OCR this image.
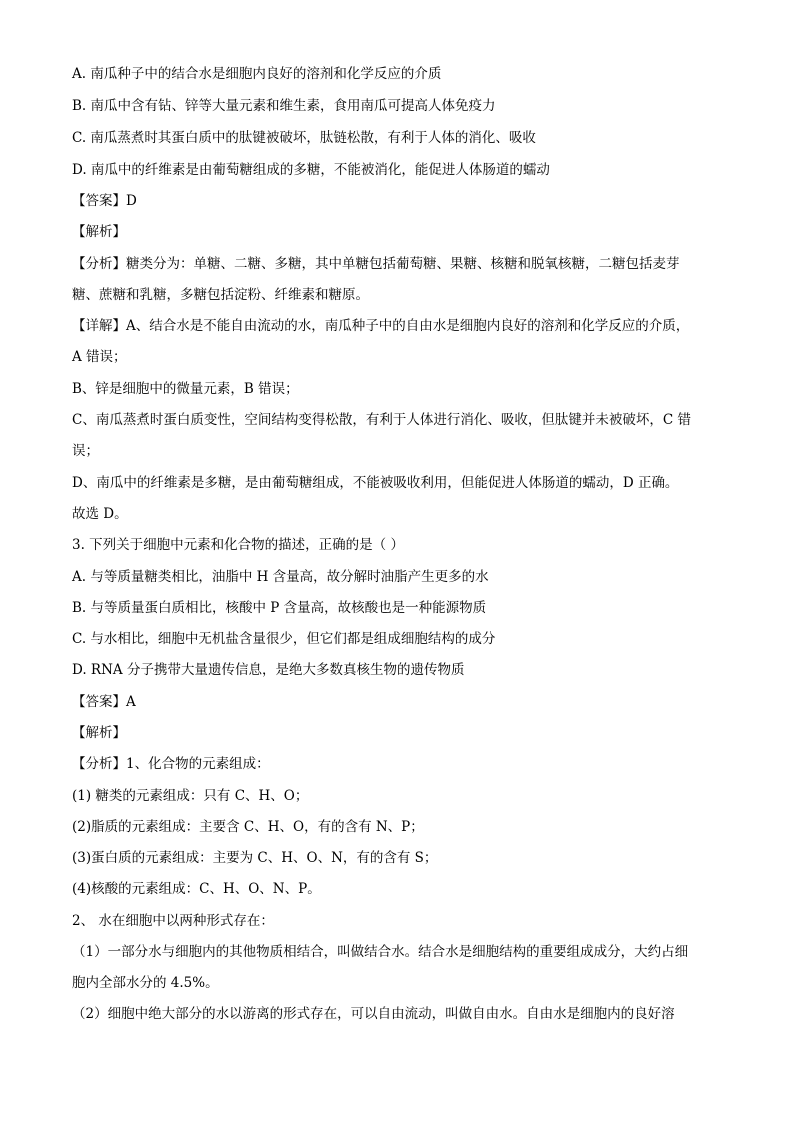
A. 南瓜种子中的结合水是细胞内良好的溶剂和化学反应的介质
B. 南瓜中含有钻、锌等大量元素和维生素，食用南瓜可提高人体免疫力
C. 南瓜蒸煮时其蛋白质中的肽键被破坏，肽链松散，有利于人体的消化、吸收
D. 南瓜中的纤维素是由葡萄糖组成的多糖，不能被消化，能促进人体肠道的蠕动
【答案】D
【解析】
【分析】糖类分为：单糖、二糖、多糖，其中单糖包括葡萄糖、果糖、核糖和脱氧核糖，二糖包括麦芽
糖、蔗糖和乳糖，多糖包括淀粉、纤维素和糖原。
【详解】A、结合水是不能自由流动的水，南瓜种子中的自由水是细胞内良好的溶剂和化学反应的介质，
A 错误；
B、锌是细胞中的微量元素，B 错误；
C、南瓜蒸煮时蛋白质变性，空间结构变得松散，有利于人体进行消化、吸收，但肽键并未被破坏，C 错
误；
D、南瓜中的纤维素是多糖，是由葡萄糖组成，不能被吸收利用，但能促进人体肠道的蠕动，D 正确。
故选 D。
3. 下列关于细胞中元素和化合物的描述，正确的是（ ）
A. 与等质量糖类相比，油脂中 H 含量高，故分解时油脂产生更多的水
B. 与等质量蛋白质相比，核酸中 P 含量高，故核酸也是一种能源物质
C. 与水相比，细胞中无机盐含量很少，但它们都是组成细胞结构的成分
D. RNA 分子携带大量遗传信息，是绝大多数真核生物的遗传物质
【答案】A
【解析】
【分析】1、化合物的元素组成：
(1) 糖类的元素组成：只有 C、H、O；
(2)脂质的元素组成：主要含 C、H、O，有的含有 N、P；
(3)蛋白质的元素组成：主要为 C、H、O、N，有的含有 S；
(4)核酸的元素组成：C、H、O、N、P。
2、 水在细胞中以两种形式存在：
（1）一部分水与细胞内的其他物质相结合，叫做结合水。结合水是细胞结构的重要组成成分，大约占细
胞内全部水分的 4.5%。
（2）细胞中绝大部分的水以游离的形式存在，可以自由流动，叫做自由水。自由水是细胞内的良好溶
